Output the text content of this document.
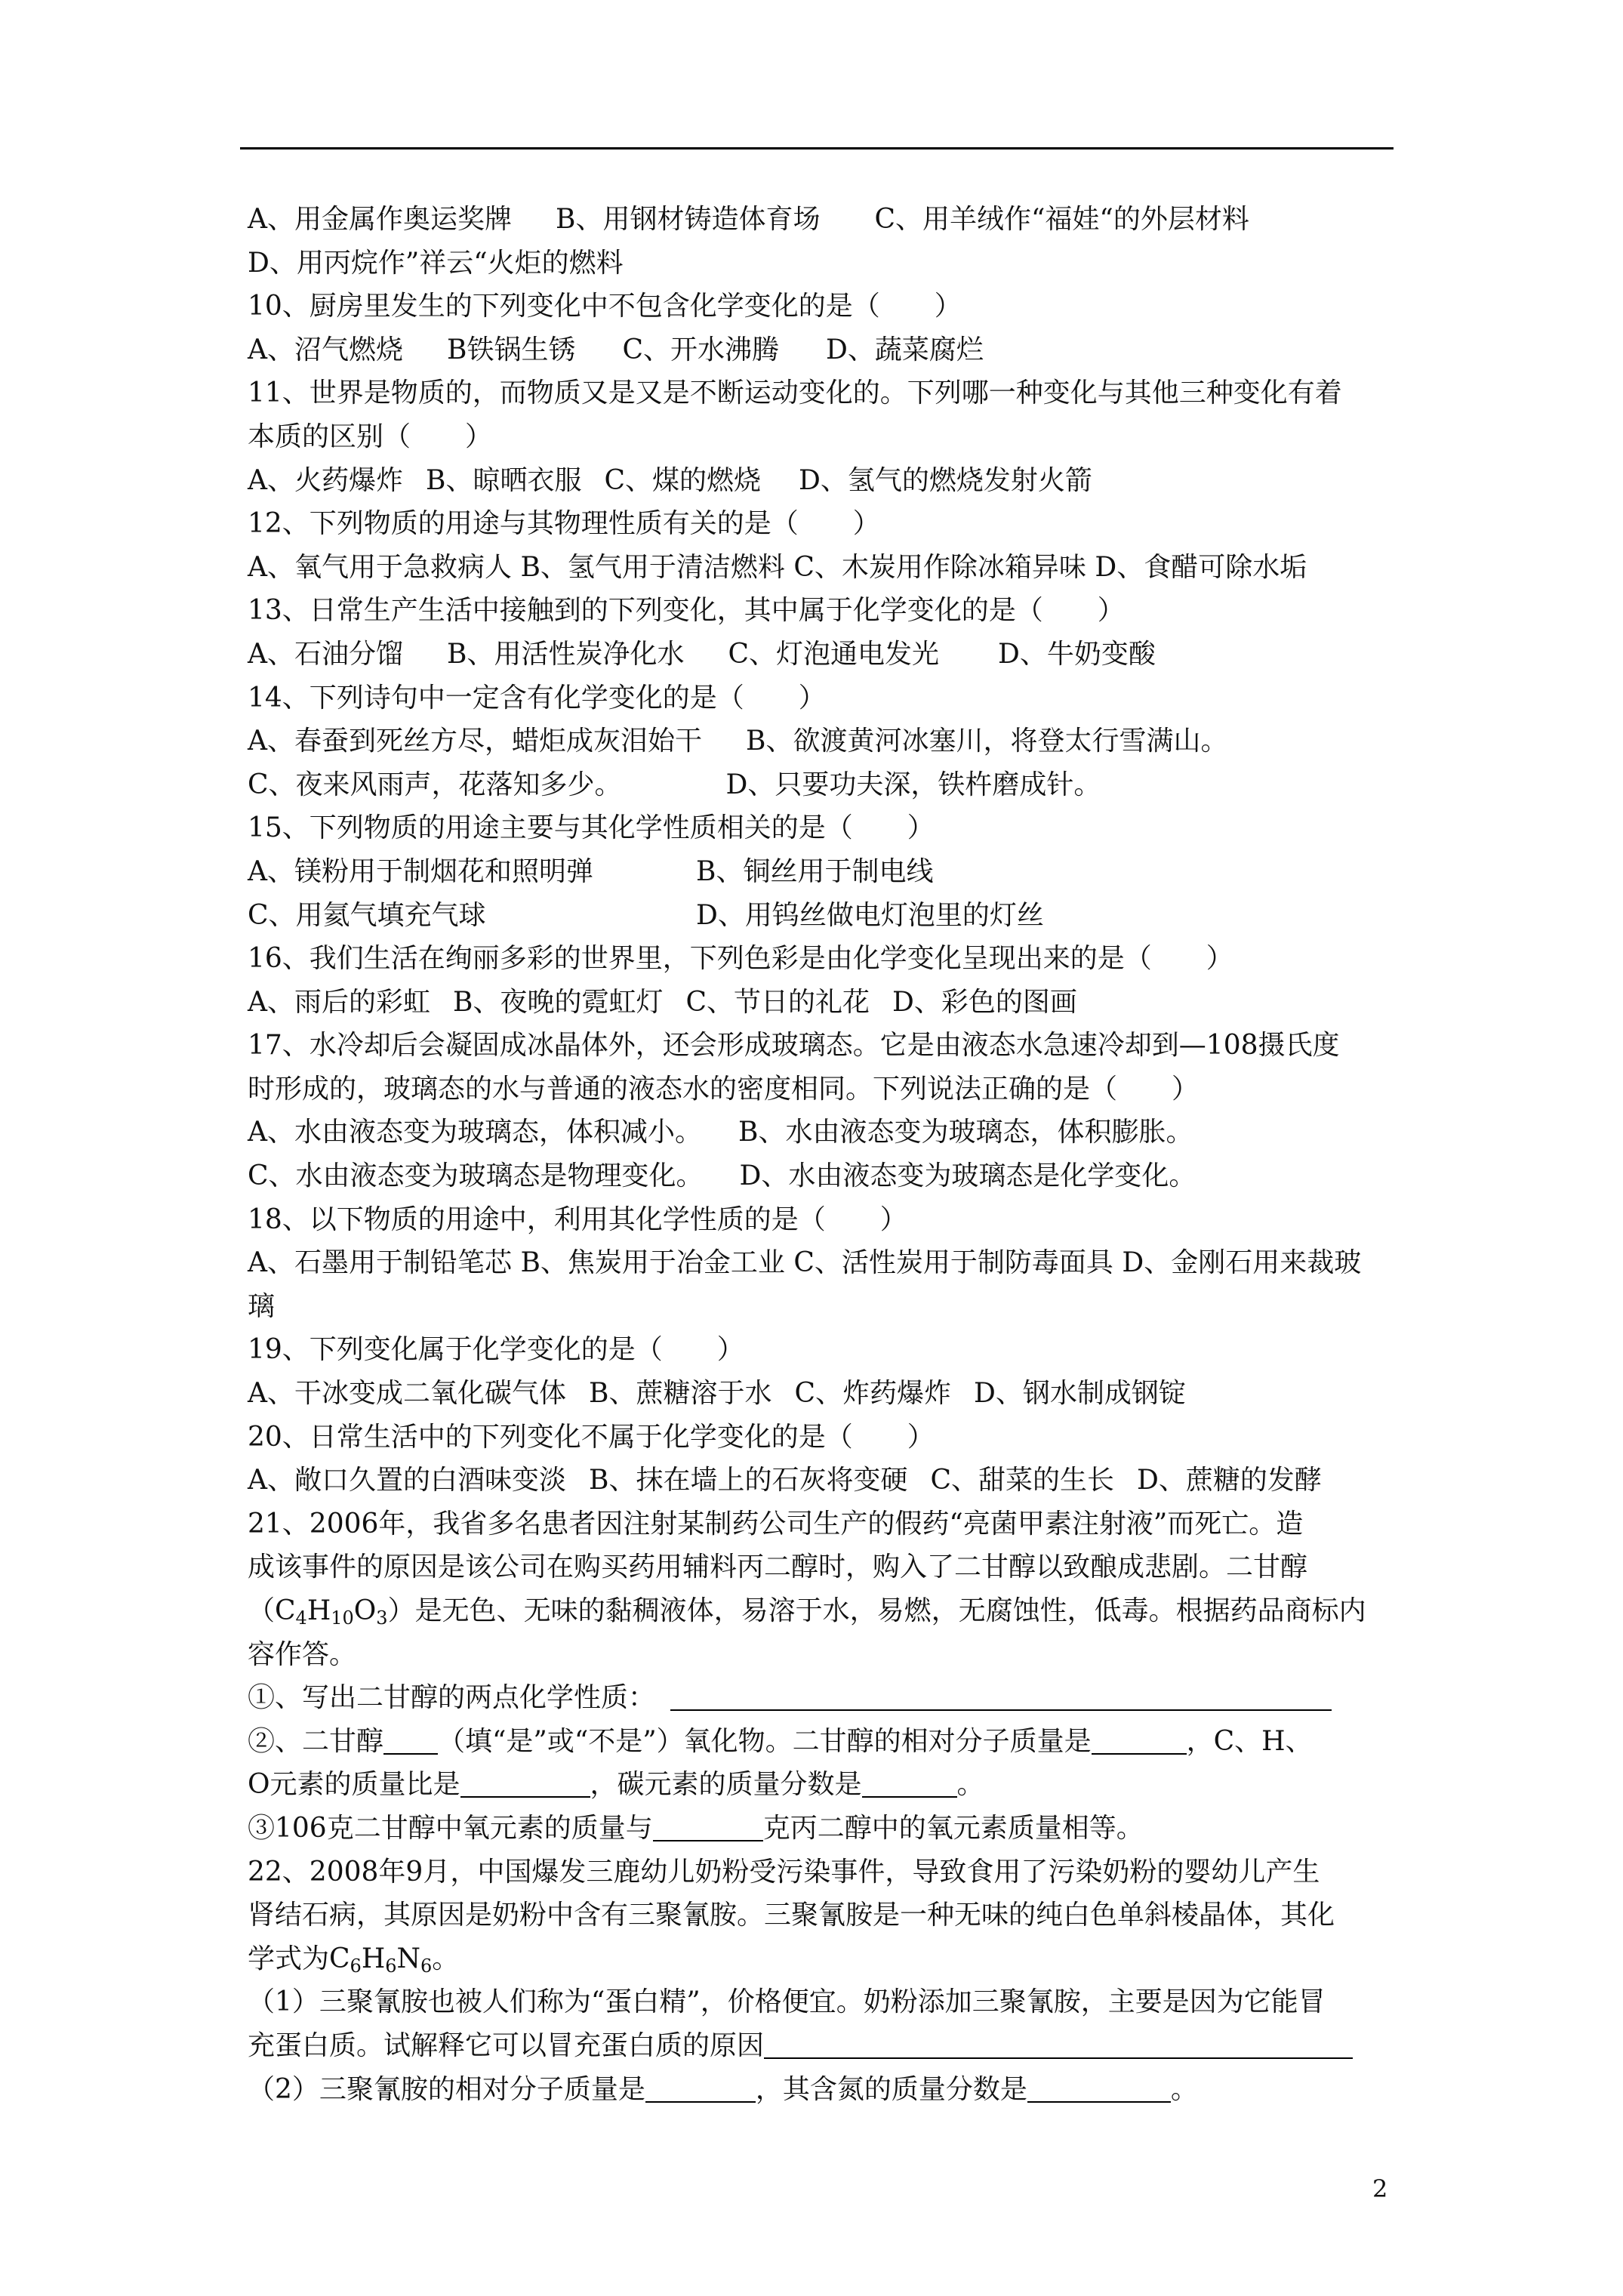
A、用金属作奥运奖牌 B、用钢材铸造体育场 C、用羊绒作“福娃“的外层材料
D、用丙烷作”祥云“火炬的燃料
10、厨房里发生的下列变化中不包含化学变化的是（　　）
A、沼气燃烧 B铁锅生锈 C、开水沸腾 D、蔬菜腐烂
11、世界是物质的，而物质又是又是不断运动变化的。下列哪一种变化与其他三种变化有着
本质的区别（　　）
A、火药爆炸 B、晾晒衣服 C、煤的燃烧 D、氢气的燃烧发射火箭
12、下列物质的用途与其物理性质有关的是（　　）
A、氧气用于急救病人 B、氢气用于清洁燃料 C、木炭用作除冰箱异味 D、食醋可除水垢
13、日常生产生活中接触到的下列变化，其中属于化学变化的是（　　）
A、石油分馏 B、用活性炭净化水 C、灯泡通电发光 D、牛奶变酸
14、下列诗句中一定含有化学变化的是（　　）
A、春蚕到死丝方尽，蜡炬成灰泪始干 B、欲渡黄河冰塞川，将登太行雪满山。
C、夜来风雨声，花落知多少。	D、只要功夫深，铁杵磨成针。
15、下列物质的用途主要与其化学性质相关的是（　　）
A、镁粉用于制烟花和照明弹	B、铜丝用于制电线
C、用氦气填充气球	D、用钨丝做电灯泡里的灯丝
16、我们生活在绚丽多彩的世界里，下列色彩是由化学变化呈现出来的是（　　）
A、雨后的彩虹 B、夜晚的霓虹灯 C、节日的礼花 D、彩色的图画
17、水冷却后会凝固成冰晶体外，还会形成玻璃态。它是由液态水急速冷却到—108摄氏度
时形成的，玻璃态的水与普通的液态水的密度相同。下列说法正确的是（　　）
A、水由液态变为玻璃态，体积减小。 B、水由液态变为玻璃态，体积膨胀。
C、水由液态变为玻璃态是物理变化。 D、水由液态变为玻璃态是化学变化。
18、以下物质的用途中，利用其化学性质的是（　　）
A、石墨用于制铅笔芯 B、焦炭用于冶金工业 C、活性炭用于制防毒面具 D、金刚石用来裁玻
璃
19、下列变化属于化学变化的是（　　）
A、干冰变成二氧化碳气体 B、蔗糖溶于水 C、炸药爆炸 D、钢水制成钢锭
20、日常生活中的下列变化不属于化学变化的是（　　）
A、敞口久置的白酒味变淡 B、抹在墙上的石灰将变硬 C、甜菜的生长 D、蔗糖的发酵
21、2006年，我省多名患者因注射某制药公司生产的假药“亮菌甲素注射液”而死亡。造
成该事件的原因是该公司在购买药用辅料丙二醇时，购入了二甘醇以致酿成悲剧。二甘醇
$(C_4H_{10}O_3)$是无色、无味的黏稠液体，易溶于水，易燃，无腐蚀性，低毒。根据药品商标内
容作答。
①、写出二甘醇的两点化学性质：
②、二甘醇 （填“是”或“不是”）氧化物。二甘醇的相对分子质量是	，C、H、
O元素的质量比是	，碳元素的质量分数是	。
③106克二甘醇中氧元素的质量与	克丙二醇中的氧元素质量相等。
22、2008年9月，中国爆发三鹿幼儿奶粉受污染事件，导致食用了污染奶粉的婴幼儿产生
肾结石病，其原因是奶粉中含有三聚氰胺。三聚氰胺是一种无味的纯白色单斜棱晶体，其化
学式为$C_6H_6N_6$。
（1）三聚氰胺也被人们称为“蛋白精”，价格便宜。奶粉添加三聚氰胺，主要是因为它能冒
充蛋白质。试解释它可以冒充蛋白质的原因
（2）三聚氰胺的相对分子质量是	，其含氮的质量分数是	。
2
